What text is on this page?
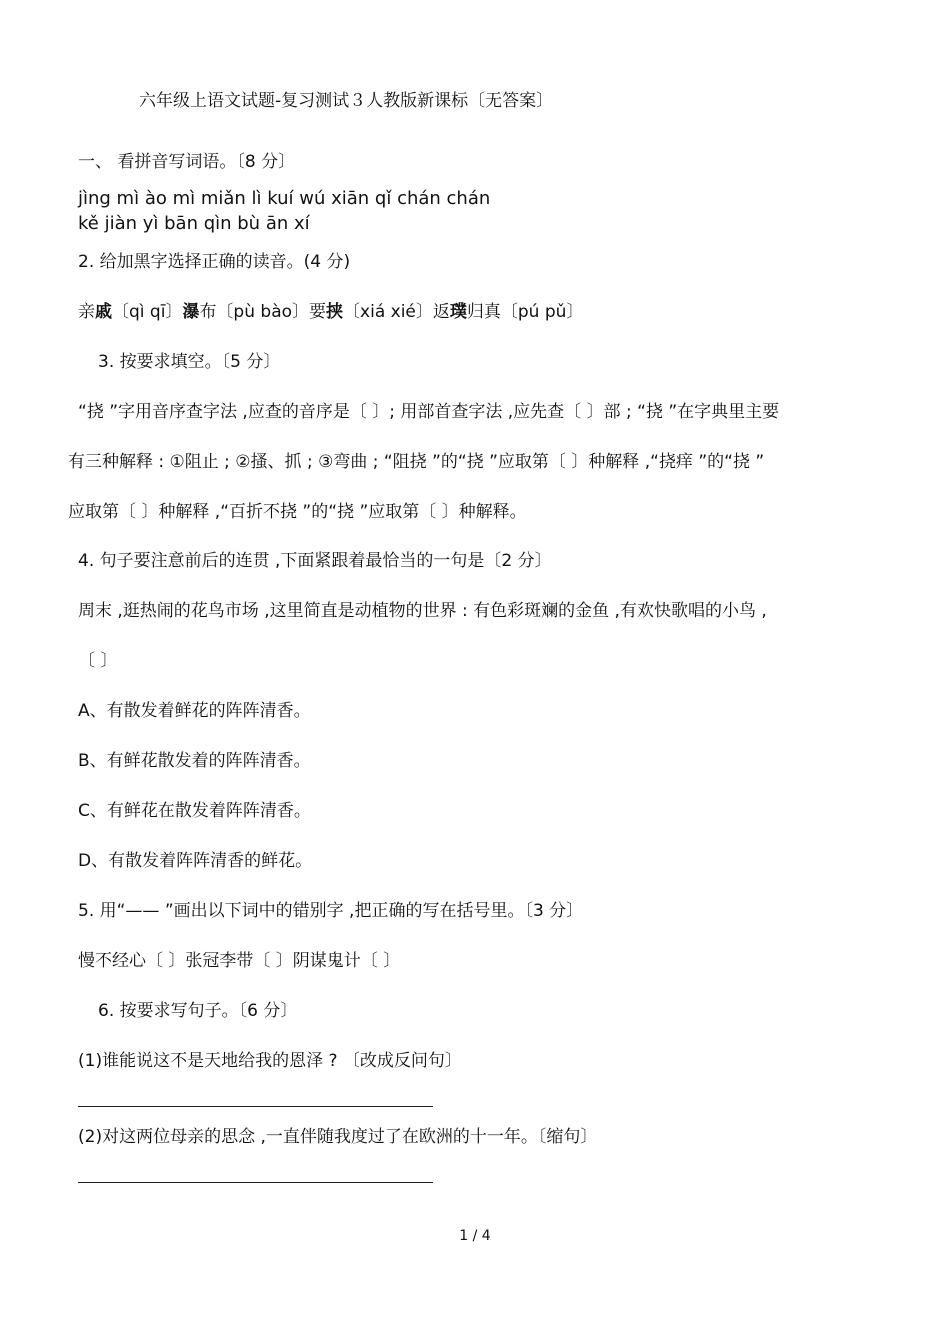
六年级上语文试题-复习测试３人教版新课标〔无答案〕
一、 看拼音写词语。〔8 分〕
jìng mì ào mì miǎn lì kuí wú xiān qǐ chán chán
kě jiàn yì bān qìn bù ān xí
2. 给加黑字选择正确的读音。(4 分)
亲戚〔qì qī〕瀑布〔pù bào〕要挟〔xiá xié〕返璞归真〔pú pǔ〕
3. 按要求填空。〔5 分〕
“挠 ”字用音序查字法 ,应查的音序是〔 〕; 用部首查字法 ,应先查〔 〕部 ; “挠 ”在字典里主要
有三种解释 : ①阻止 ; ②搔、抓 ; ③弯曲 ; “阻挠 ”的“挠 ”应取第〔 〕种解释 ,“挠痒 ”的“挠 ”
应取第〔 〕种解释 ,“百折不挠 ”的“挠 ”应取第〔 〕种解释。
4. 句子要注意前后的连贯 ,下面紧跟着最恰当的一句是〔2 分〕
周末 ,逛热闹的花鸟市场 ,这里简直是动植物的世界 : 有色彩斑斓的金鱼 ,有欢快歌唱的小鸟 ,
〔 〕
A、有散发着鲜花的阵阵清香。
B、有鲜花散发着的阵阵清香。
C、有鲜花在散发着阵阵清香。
D、有散发着阵阵清香的鲜花。
5. 用“—— ”画出以下词中的错别字 ,把正确的写在括号里。〔3 分〕
慢不经心〔 〕张冠李带〔 〕阴谋鬼计〔 〕
6. 按要求写句子。〔6 分〕
(1)谁能说这不是天地给我的恩泽 ? 〔改成反问句〕
(2)对这两位母亲的思念 ,一直伴随我度过了在欧洲的十一年。〔缩句〕
1 / 4
